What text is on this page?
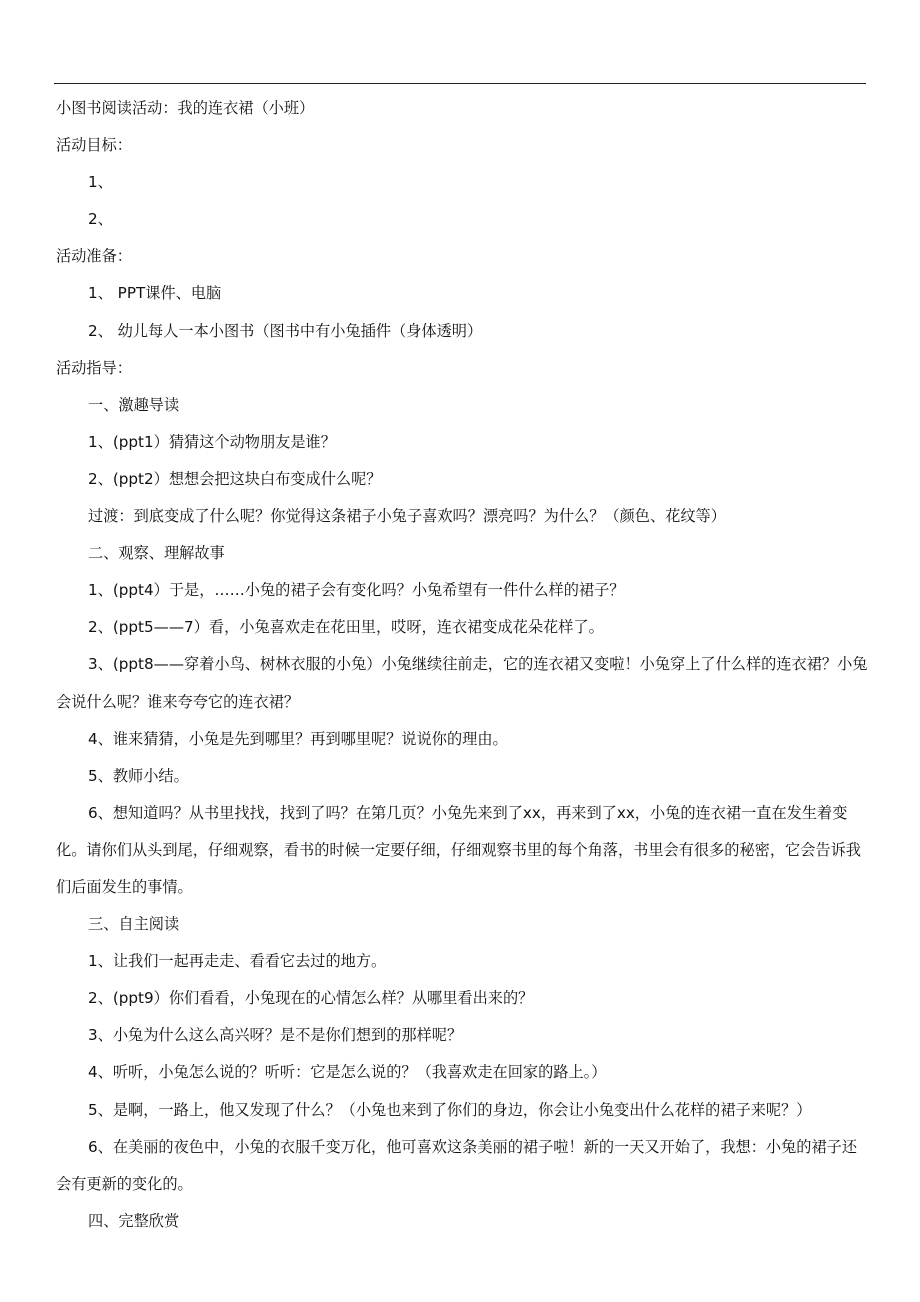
小图书阅读活动：我的连衣裙（小班）

活动目标：

1、

2、

活动准备：

1、 PPT课件、电脑

2、 幼儿每人一本小图书（图书中有小兔插件（身体透明）

活动指导：

一、激趣导读

1、(ppt1）猜猜这个动物朋友是谁？

2、(ppt2）想想会把这块白布变成什么呢？

过渡：到底变成了什么呢？你觉得这条裙子小兔子喜欢吗？漂亮吗？为什么？（颜色、花纹等）

二、观察、理解故事

1、(ppt4）于是，……小兔的裙子会有变化吗？小兔希望有一件什么样的裙子？

2、(ppt5——7）看，小兔喜欢走在花田里，哎呀，连衣裙变成花朵花样了。

3、(ppt8——穿着小鸟、树林衣服的小兔）小兔继续往前走，它的连衣裙又变啦！小兔穿上了什么样的连衣裙？小兔会说什么呢？谁来夸夸它的连衣裙？

4、谁来猜猜，小兔是先到哪里？再到哪里呢？说说你的理由。

5、教师小结。

6、想知道吗？从书里找找，找到了吗？在第几页？小兔先来到了xx，再来到了xx，小兔的连衣裙一直在发生着变化。请你们从头到尾，仔细观察，看书的时候一定要仔细，仔细观察书里的每个角落，书里会有很多的秘密，它会告诉我们后面发生的事情。

三、自主阅读

1、让我们一起再走走、看看它去过的地方。

2、(ppt9）你们看看，小兔现在的心情怎么样？从哪里看出来的？

3、小兔为什么这么高兴呀？是不是你们想到的那样呢？

4、听听，小兔怎么说的？听听：它是怎么说的？（我喜欢走在回家的路上。）

5、是啊，一路上，他又发现了什么？（小兔也来到了你们的身边，你会让小兔变出什么花样的裙子来呢？）

6、在美丽的夜色中，小兔的衣服千变万化，他可喜欢这条美丽的裙子啦！新的一天又开始了，我想：小兔的裙子还会有更新的变化的。

四、完整欣赏
